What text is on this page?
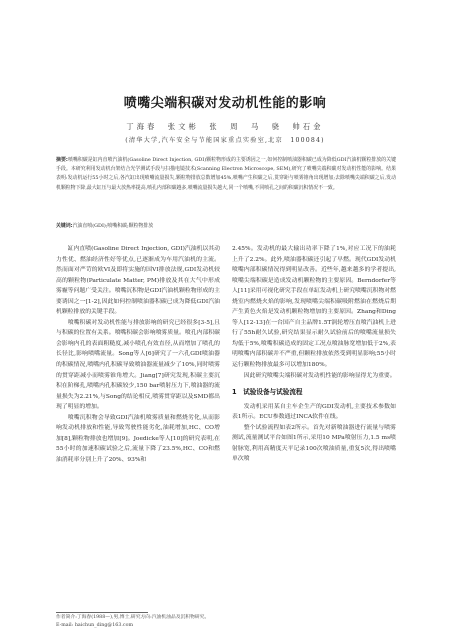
喷嘴尖端积碳对发动机性能的影响
丁海春　张文彬　张　周　马　骁　帅石金
(清华大学,汽车安全与节能国家重点实验室,北京　100084)
摘要:喷嘴积碳是缸内直喷汽油机(Gasoline Direct Injection, GDI)颗粒物形成的主要诱因之一,如何控制喷油器积碳已成为降低GDI汽油机颗粒排放的关键手段。本研究利用发动机台架结合光学测试手段与扫描电镜技术(Scanning Electron Microscope, SEM),研究了喷嘴尖端积碳对发动机性能的影响。结果表明:发动机运行55小时之后,各汽缸出现喷嘴流量损失,颗粒物排放总数增加45%,喷嘴产生积碳之后,贯穿距与喷雾锥角出现增加;去除喷嘴尖端积碳之后,发动机颗粒物下降,最大缸压与最大放热率提高,喷孔内部积碳越多,喷嘴流量损失越大,同一个喷嘴,不同喷孔之间的积碳沉积情况不一致。
关键词:汽油直喷(GDI);喷嘴积碳;颗粒物排放

缸内直喷(Gasoline Direct Injection, GDI)汽油机以其动力性优、燃油经济性好等优点,已逐渐成为车用汽油机的主流。然而面对严苛的欧VI及即将实施的国VI排放法规,GDI发动机较高的颗粒物(Particulate Matter, PM)排放及其在大气中形成雾霾等问题广受关注。喷嘴沉积物是GDI汽油机颗粒物形成的主要诱因之一[1-2],因此如何控制喷油器积碳已成为降低GDI汽油机颗粒排放的关键手段。

喷嘴积碳对发动机性能与排放影响的研究已经很多[3-5],且与积碳的位置有关系。喷嘴积碳会影响喷雾质量。喷孔内部积碳会影响内孔的表面粗糙度,减小喷孔有效直径,从而增加了喷孔的长径比,影响喷嘴流量。Song等人[6]研究了一六孔GDI喷油器的积碳情况,喷嘴内孔积碳导致喷油器流量减少了10%,同时喷雾的贯穿距减小而喷雾锥角增大。Jiang[7]研究发现,积碳主要沉积在阶梯孔,喷嘴内孔积碳较少,150 bar喷射压力下,喷油器的流量损失为2.21%,与Song的结论相反,喷雾贯穿距以及SMD都出现了明显的增加。

喷嘴沉积物会导致GDI汽油机喷雾质量和燃烧劣化,从而影响发动机排放和性能,导致驾驶性能劣化,油耗增加,HC、CO增加[8],颗粒物排放也增加[9]。Joedicke等人[10]的研究表明,在55小时的加速积碳试验之后,流量下降了23.5%,HC、CO和燃油消耗率分别上升了20%、93%和

2.45%。发动机的最大输出功率下降了1%,对应工况下的油耗上升了2.2%。此外,喷油器积碳还引起了早燃。现代GDI发动机喷嘴内部积碳情况得到明显改善。近些年,越来越多的学者提出,喷嘴尖端积碳是造成发动机颗粒物的主要原因。Berndorfer等人[11]采用可视化研究手段在单缸发动机上研究喷嘴沉积物对燃烧室内燃烧火焰的影响,发现喷嘴尖端积碳吸附燃油在燃烧后期产生黄色火焰是发动机颗粒物增加的主要原因。Zhang和Ding等人[12-13]在一台国产自主品牌1.5T涡轮增压直喷汽油机上进行了55h耐久试验,研究结果显示耐久试验前后的喷嘴流量损失均低于5%,喷嘴积碳造成的固定工况点喷油脉宽增加低于2%,表明喷嘴内部积碳并不严重,但颗粒排放依然受到明显影响;55小时运行颗粒物排放最多可以增加180%。

因此研究喷嘴尖端积碳对发动机性能的影响显得尤为重要。

1　试验设备与试验流程

发动机采用某自主车企生产的GDI发动机,主要技术参数如表1所示。ECU参数通过INCA软件在线。

整个试验流程如表2所示。首先对新喷油器进行流量与喷雾测试,流量测试平台如图1所示,采用10 MPa喷射压力,1.5 ms喷射脉宽,利用高精度天平记录100次喷油质量,重复5次,得出喷嘴单次喷

作者简介:丁海春(1988—),男,博士,研究方向:汽油机油品及沉积物研究。
E-mail: haichun_ding@163.com
